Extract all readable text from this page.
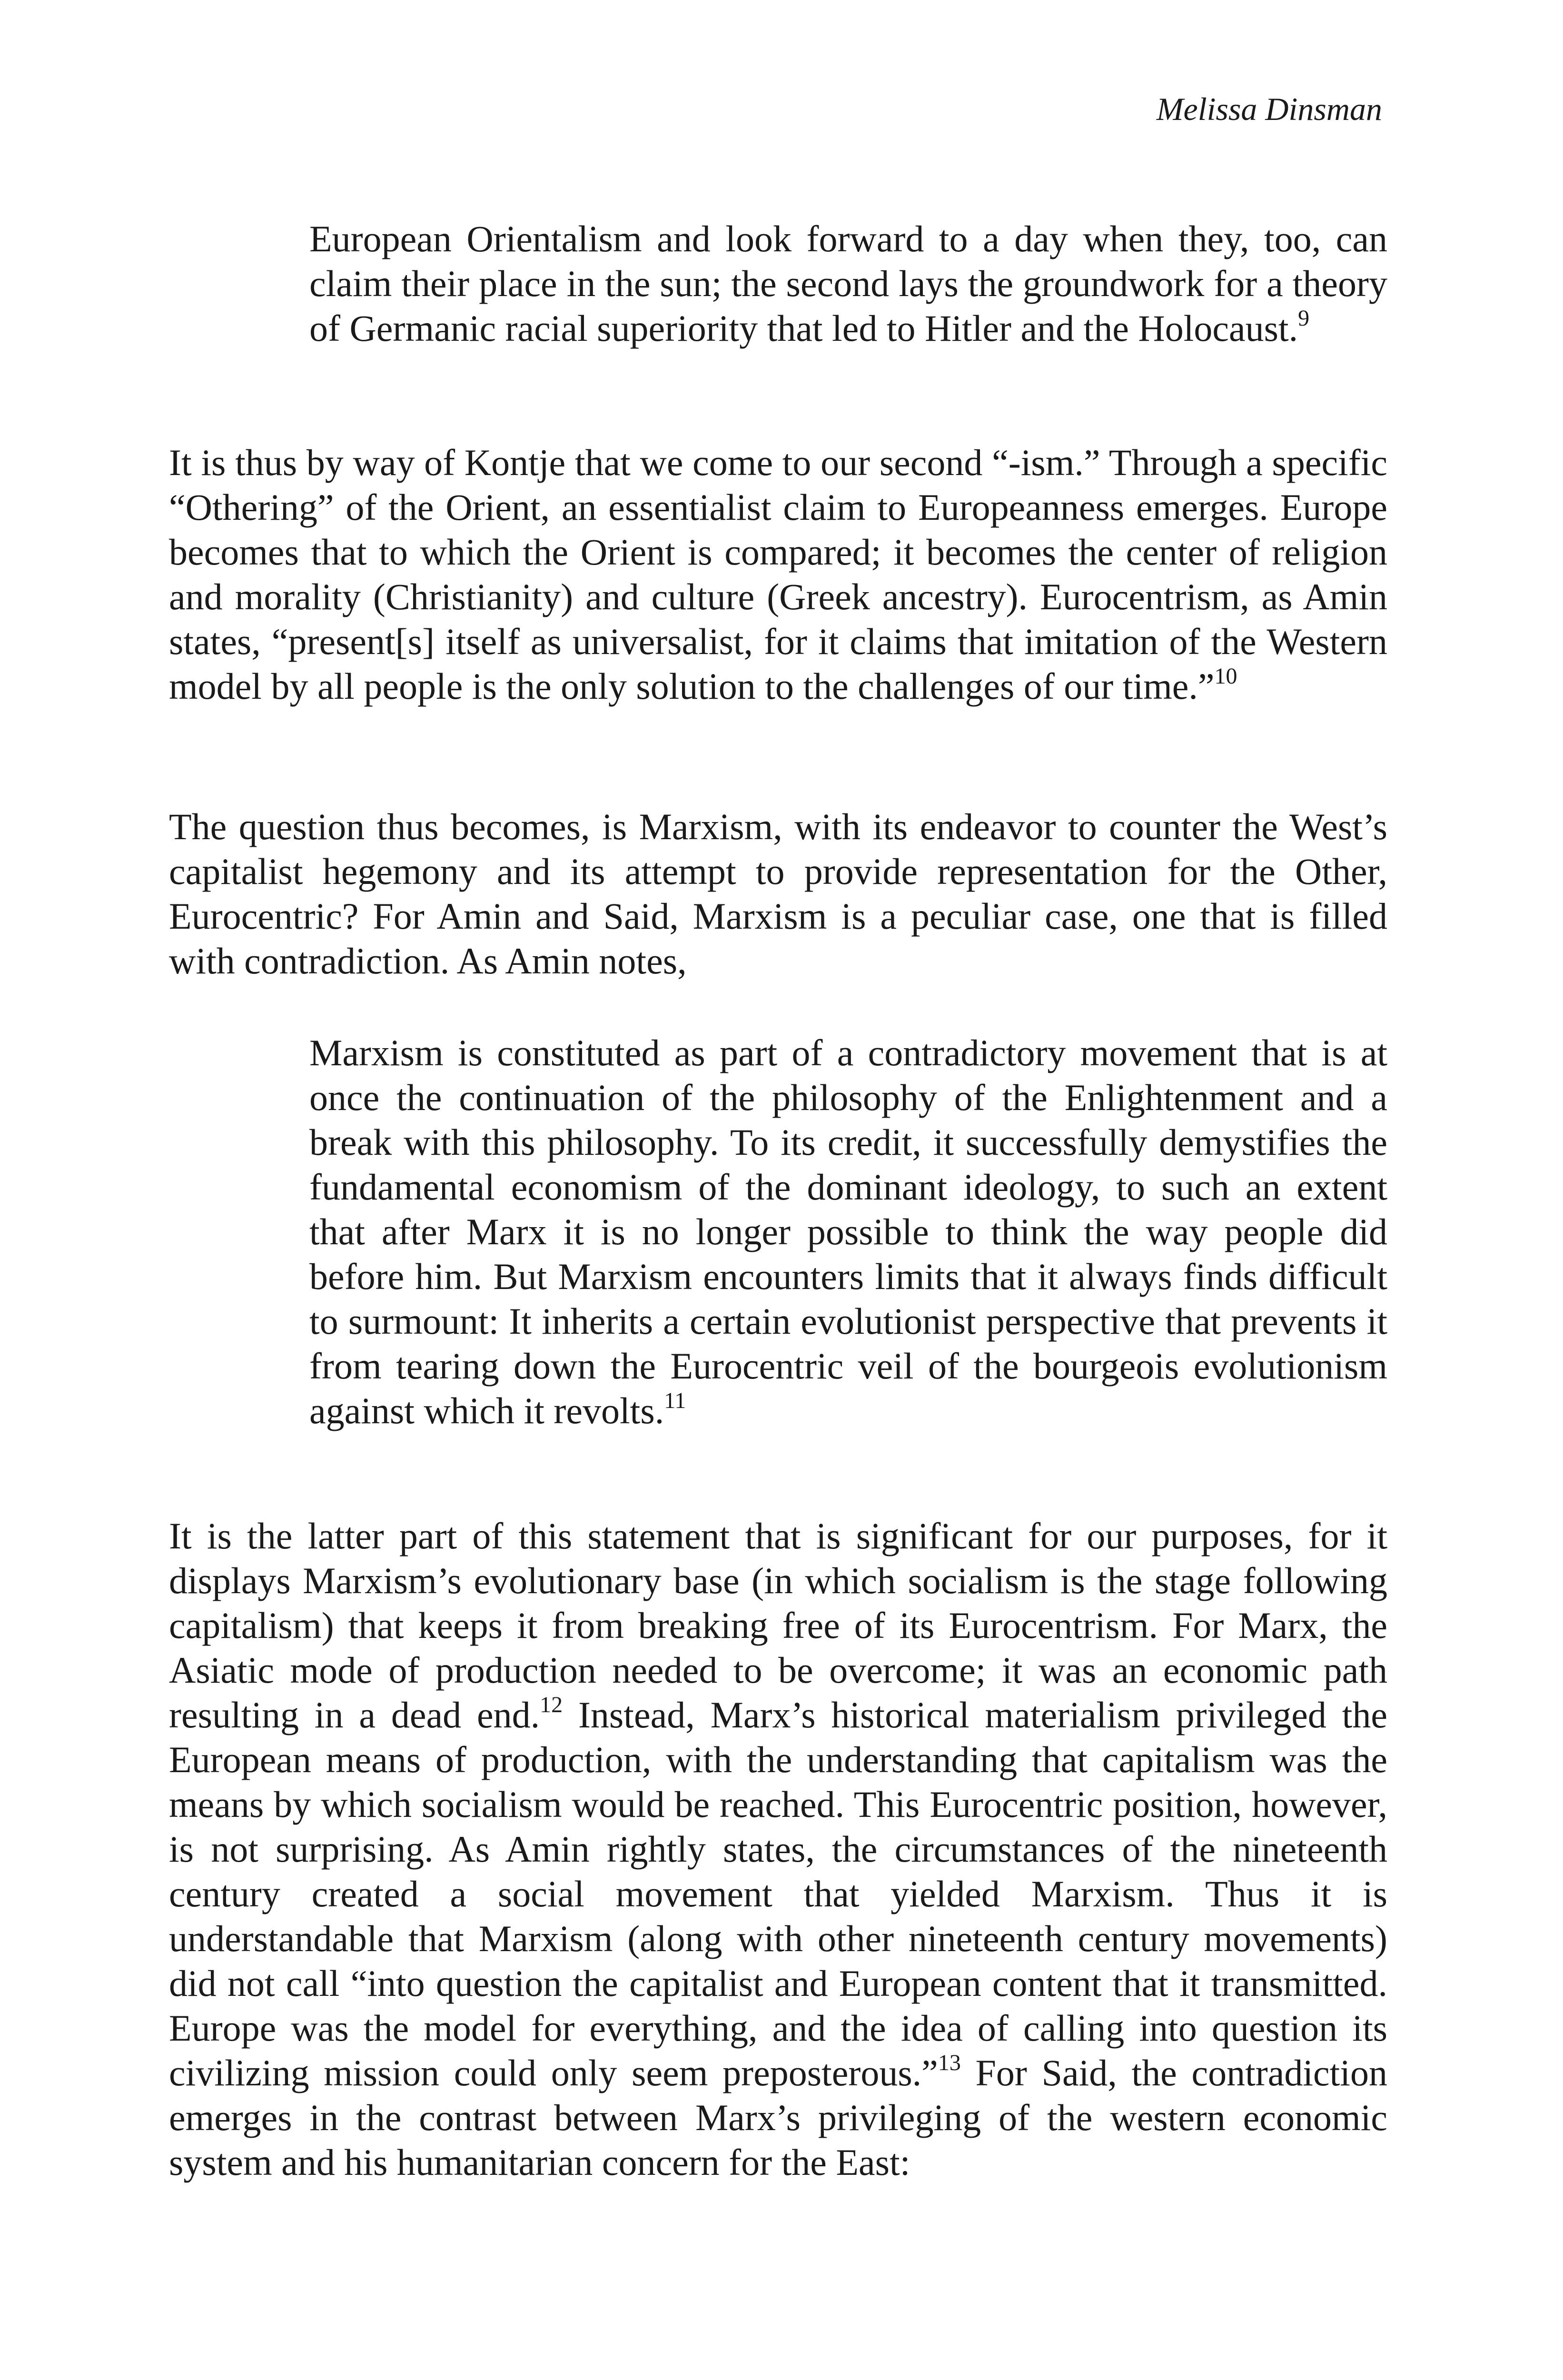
Melissa Dinsman

European Orientalism and look forward to a day when they, too, can claim their place in the sun; the second lays the groundwork for a theory of Germanic racial superiority that led to Hitler and the Holocaust.$^9$

It is thus by way of Kontje that we come to our second “-ism.” Through a specific “Othering” of the Orient, an essentialist claim to Europeanness emerges. Europe becomes that to which the Orient is compared; it becomes the center of religion and morality (Christianity) and culture (Greek ancestry). Eurocentrism, as Amin states, “present[s] itself as universalist, for it claims that imitation of the Western model by all people is the only solution to the challenges of our time.”$^{10}$

The question thus becomes, is Marxism, with its endeavor to counter the West’s capitalist hegemony and its attempt to provide representation for the Other, Eurocentric? For Amin and Said, Marxism is a peculiar case, one that is filled with contradiction. As Amin notes,

Marxism is constituted as part of a contradictory movement that is at once the continuation of the philosophy of the Enlightenment and a break with this philosophy. To its credit, it successfully demystifies the fundamental economism of the dominant ideology, to such an extent that after Marx it is no longer possible to think the way people did before him. But Marxism encounters limits that it always finds difficult to surmount: It inherits a certain evolutionist perspective that prevents it from tearing down the Eurocentric veil of the bourgeois evolutionism against which it revolts.$^{11}$

It is the latter part of this statement that is significant for our purposes, for it displays Marxism’s evolutionary base (in which socialism is the stage following capitalism) that keeps it from breaking free of its Eurocentrism. For Marx, the Asiatic mode of production needed to be overcome; it was an economic path resulting in a dead end.$^{12}$ Instead, Marx’s historical materialism privileged the European means of production, with the understanding that capitalism was the means by which socialism would be reached. This Eurocentric position, however, is not surprising. As Amin rightly states, the circumstances of the nineteenth century created a social movement that yielded Marxism. Thus it is understandable that Marxism (along with other nineteenth century movements) did not call “into question the capitalist and European content that it transmitted. Europe was the model for everything, and the idea of calling into question its civilizing mission could only seem preposterous.”$^{13}$ For Said, the contradiction emerges in the contrast between Marx’s privileging of the western economic system and his humanitarian concern for the East:
